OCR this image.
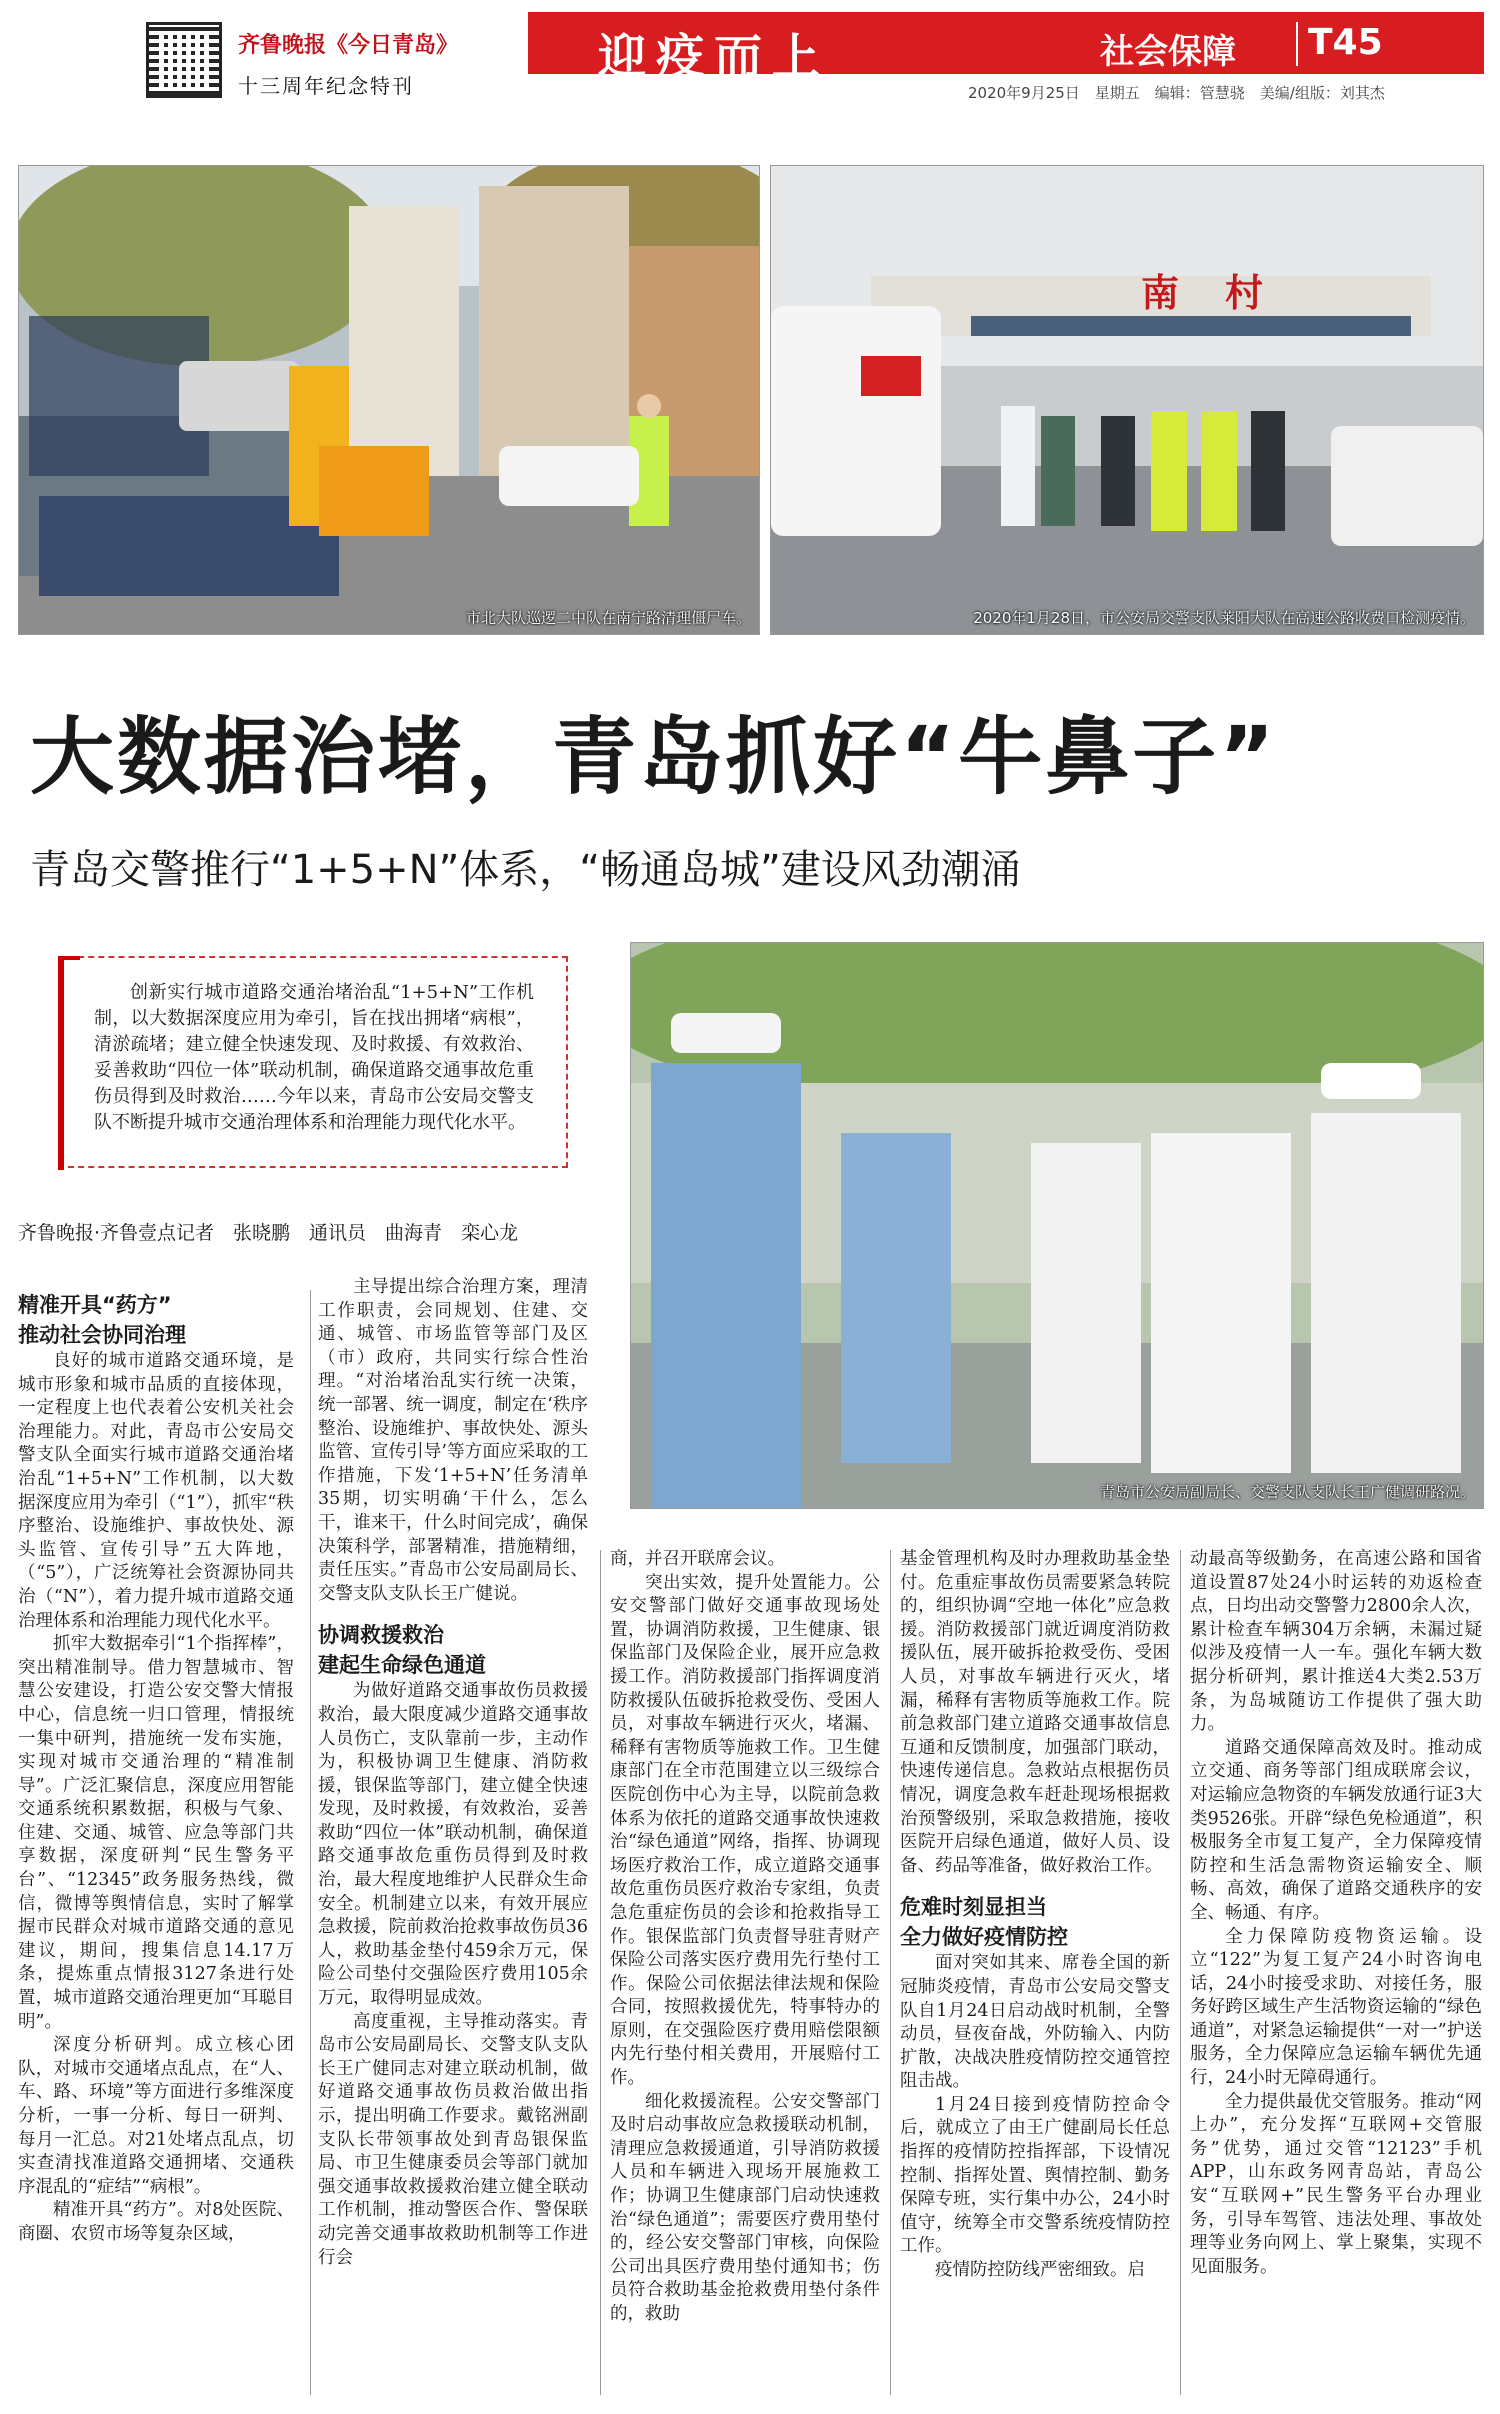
齐鲁晚报《今日青岛》
十三周年纪念特刊
迎疫而上	社会保障 T45
2020年9月25日　星期五　编辑：管慧骁　美编/组版：刘其杰
市北大队巡逻二中队在南宁路清理僵尸车。
南　村
2020年1月28日，市公安局交警支队莱阳大队在高速公路收费口检测疫情。
大数据治堵，青岛抓好“牛鼻子”
青岛交警推行“1+5+N”体系，“畅通岛城”建设风劲潮涌
创新实行城市道路交通治堵治乱“1+5+N”工作机制，以大数据深度应用为牵引，旨在找出拥堵“病根”，清淤疏堵；建立健全快速发现、及时救援、有效救治、妥善救助“四位一体”联动机制，确保道路交通事故危重伤员得到及时救治……今年以来，青岛市公安局交警支队不断提升城市交通治理体系和治理能力现代化水平。
青岛市公安局副局长、交警支队支队长王广健调研路况。
齐鲁晚报·齐鲁壹点记者　张晓鹏　通讯员　曲海青　栾心龙

精准开具“药方”

推动社会协同治理

良好的城市道路交通环境，是城市形象和城市品质的直接体现，一定程度上也代表着公安机关社会治理能力。对此，青岛市公安局交警支队全面实行城市道路交通治堵治乱“1+5+N”工作机制，以大数据深度应用为牵引（“1”），抓牢“秩序整治、设施维护、事故快处、源头监管、宣传引导”五大阵地，（“5”），广泛统筹社会资源协同共治（“N”），着力提升城市道路交通治理体系和治理能力现代化水平。

抓牢大数据牵引“1个指挥棒”，突出精准制导。借力智慧城市、智慧公安建设，打造公安交警大情报中心，信息统一归口管理，情报统一集中研判，措施统一发布实施，实现对城市交通治理的“精准制导”。广泛汇聚信息，深度应用智能交通系统积累数据，积极与气象、住建、交通、城管、应急等部门共享数据，深度研判“民生警务平台”、“12345”政务服务热线，微信，微博等舆情信息，实时了解掌握市民群众对城市道路交通的意见建议，期间，搜集信息14.17万条，提炼重点情报3127条进行处置，城市道路交通治理更加“耳聪目明”。

深度分析研判。成立核心团队，对城市交通堵点乱点，在“人、车、路、环境”等方面进行多维深度分析，一事一分析、每日一研判、每月一汇总。对21处堵点乱点，切实查清找准道路交通拥堵、交通秩序混乱的“症结”“病根”。

精准开具“药方”。对8处医院、商圈、农贸市场等复杂区域，

主导提出综合治理方案，理清工作职责，会同规划、住建、交通、城管、市场监管等部门及区（市）政府，共同实行综合性治理。“对治堵治乱实行统一决策，统一部署、统一调度，制定在‘秩序整治、设施维护、事故快处、源头监管、宣传引导’等方面应采取的工作措施，下发‘1+5+N’任务清单35期，切实明确‘干什么，怎么干，谁来干，什么时间完成’，确保决策科学，部署精准，措施精细，责任压实。”青岛市公安局副局长、交警支队支队长王广健说。

协调救援救治

建起生命绿色通道

为做好道路交通事故伤员救援救治，最大限度减少道路交通事故人员伤亡，支队靠前一步，主动作为，积极协调卫生健康、消防救援，银保监等部门，建立健全快速发现，及时救援，有效救治，妥善救助“四位一体”联动机制，确保道路交通事故危重伤员得到及时救治，最大程度地维护人民群众生命安全。机制建立以来，有效开展应急救援，院前救治抢救事故伤员36人，救助基金垫付459余万元，保险公司垫付交强险医疗费用105余万元，取得明显成效。

高度重视，主导推动落实。青岛市公安局副局长、交警支队支队长王广健同志对建立联动机制，做好道路交通事故伤员救治做出指示，提出明确工作要求。戴铭洲副支队长带领事故处到青岛银保监局、市卫生健康委员会等部门就加强交通事故救援救治建立健全联动工作机制，推动警医合作、警保联动完善交通事故救助机制等工作进行会

商，并召开联席会议。

突出实效，提升处置能力。公安交警部门做好交通事故现场处置，协调消防救援，卫生健康、银保监部门及保险企业，展开应急救援工作。消防救援部门指挥调度消防救援队伍破拆抢救受伤、受困人员，对事故车辆进行灭火，堵漏、稀释有害物质等施救工作。卫生健康部门在全市范围建立以三级综合医院创伤中心为主导，以院前急救体系为依托的道路交通事故快速救治“绿色通道”网络，指挥、协调现场医疗救治工作，成立道路交通事故危重伤员医疗救治专家组，负责急危重症伤员的会诊和抢救指导工作。银保监部门负责督导驻青财产保险公司落实医疗费用先行垫付工作。保险公司依据法律法规和保险合同，按照救援优先，特事特办的原则，在交强险医疗费用赔偿限额内先行垫付相关费用，开展赔付工作。

细化救援流程。公安交警部门及时启动事故应急救援联动机制，清理应急救援通道，引导消防救援人员和车辆进入现场开展施救工作；协调卫生健康部门启动快速救治“绿色通道”；需要医疗费用垫付的，经公安交警部门审核，向保险公司出具医疗费用垫付通知书；伤员符合救助基金抢救费用垫付条件的，救助

基金管理机构及时办理救助基金垫付。危重症事故伤员需要紧急转院的，组织协调“空地一体化”应急救援。消防救援部门就近调度消防救援队伍，展开破拆抢救受伤、受困人员，对事故车辆进行灭火，堵漏，稀释有害物质等施救工作。院前急救部门建立道路交通事故信息互通和反馈制度，加强部门联动，快速传递信息。急救站点根据伤员情况，调度急救车赶赴现场根据救治预警级别，采取急救措施，接收医院开启绿色通道，做好人员、设备、药品等准备，做好救治工作。

危难时刻显担当

全力做好疫情防控

面对突如其来、席卷全国的新冠肺炎疫情，青岛市公安局交警支队自1月24日启动战时机制，全警动员，昼夜奋战，外防输入、内防扩散，决战决胜疫情防控交通管控阻击战。

1月24日接到疫情防控命令后，就成立了由王广健副局长任总指挥的疫情防控指挥部，下设情况控制、指挥处置、舆情控制、勤务保障专班，实行集中办公，24小时值守，统筹全市交警系统疫情防控工作。

疫情防控防线严密细致。启

动最高等级勤务，在高速公路和国省道设置87处24小时运转的劝返检查点，日均出动交警警力2800余人次，累计检查车辆304万余辆，未漏过疑似涉及疫情一人一车。强化车辆大数据分析研判，累计推送4大类2.53万条，为岛城随访工作提供了强大助力。

道路交通保障高效及时。推动成立交通、商务等部门组成联席会议，对运输应急物资的车辆发放通行证3大类9526张。开辟“绿色免检通道”，积极服务全市复工复产，全力保障疫情防控和生活急需物资运输安全、顺畅、高效，确保了道路交通秩序的安全、畅通、有序。

全力保障防疫物资运输。设立“122”为复工复产24小时咨询电话，24小时接受求助、对接任务，服务好跨区域生产生活物资运输的“绿色通道”，对紧急运输提供“一对一”护送服务，全力保障应急运输车辆优先通行，24小时无障碍通行。

全力提供最优交管服务。推动“网上办”，充分发挥“互联网+交管服务”优势，通过交管“12123”手机APP，山东政务网青岛站，青岛公安“互联网+”民生警务平台办理业务，引导车驾管、违法处理、事故处理等业务向网上、掌上聚集，实现不见面服务。
